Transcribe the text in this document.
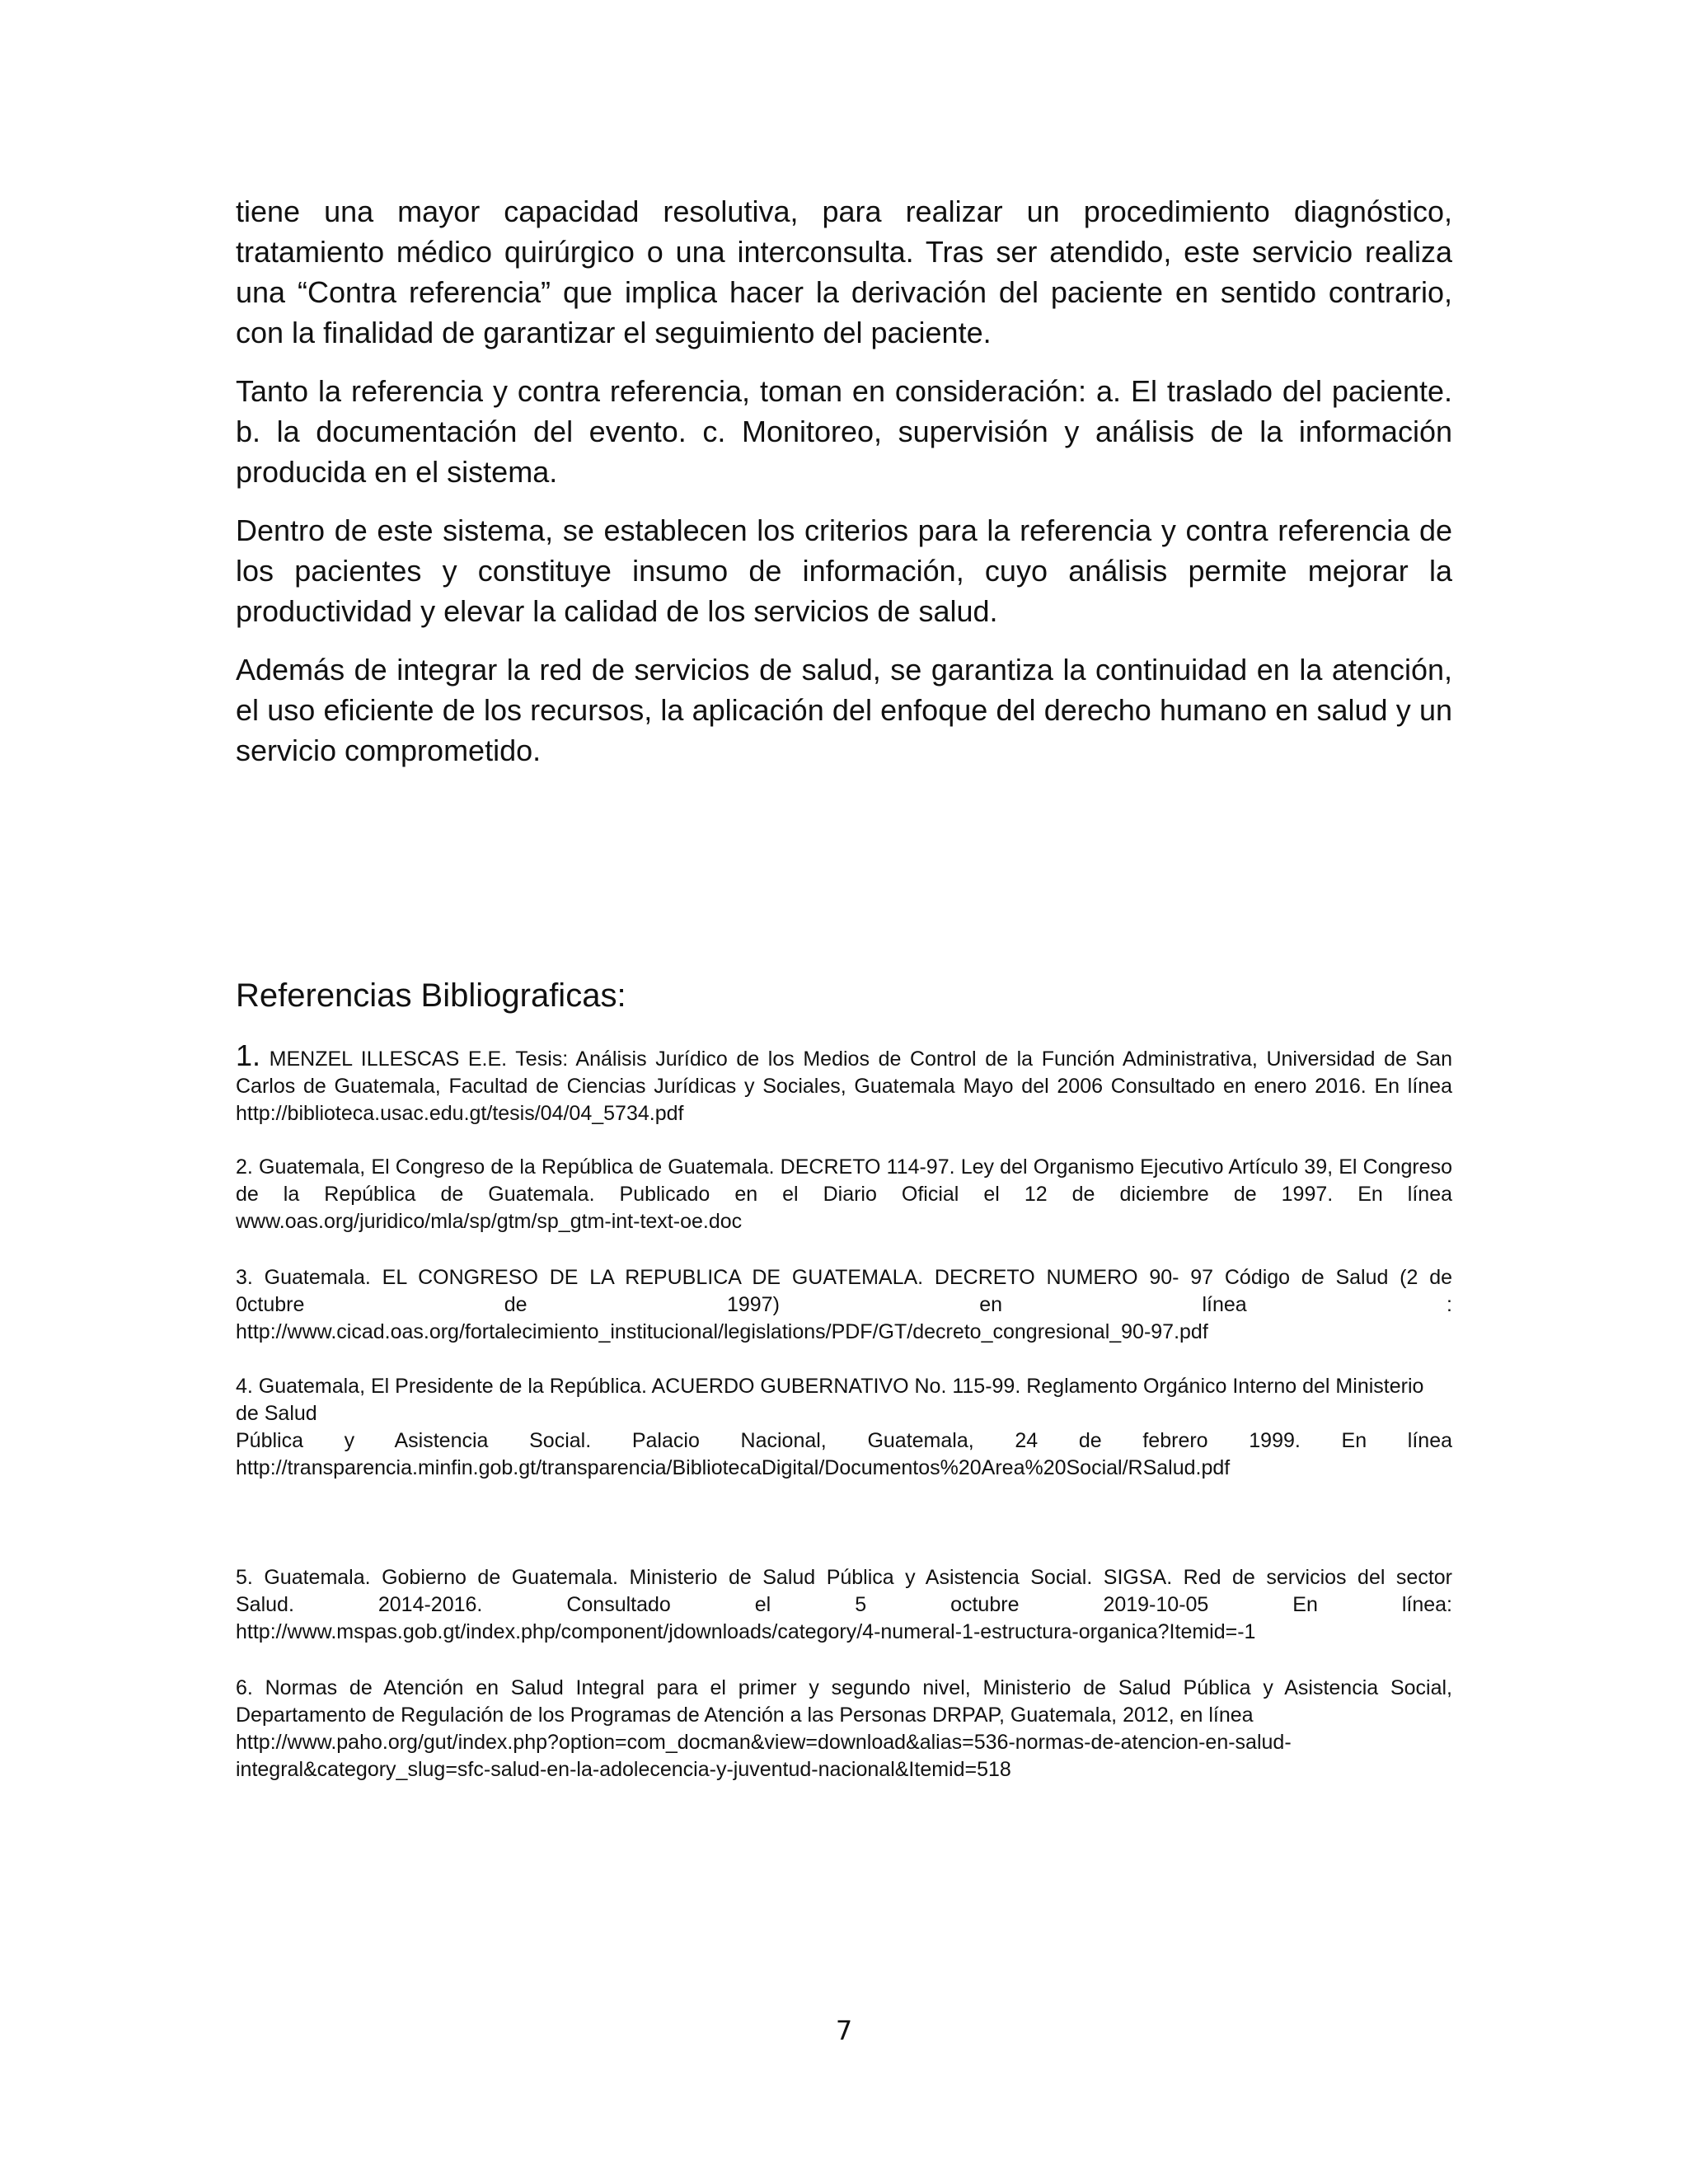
tiene una mayor capacidad resolutiva, para realizar un procedimiento diagnóstico, tratamiento médico quirúrgico o una interconsulta. Tras ser atendido, este servicio realiza una “Contra referencia” que implica hacer la derivación del paciente en sentido contrario, con la finalidad de garantizar el seguimiento del paciente.

Tanto la referencia y contra referencia, toman en consideración: a. El traslado del paciente. b. la documentación del evento. c. Monitoreo, supervisión y análisis de la información producida en el sistema.

Dentro de este sistema, se establecen los criterios para la referencia y contra referencia de los pacientes y constituye insumo de información, cuyo análisis permite mejorar la productividad y elevar la calidad de los servicios de salud.

Además de integrar la red de servicios de salud, se garantiza la continuidad en la atención, el uso eficiente de los recursos, la aplicación del enfoque del derecho humano en salud y un servicio comprometido.

Referencias Bibliograficas:

1. MENZEL ILLESCAS E.E. Tesis: Análisis Jurídico de los Medios de Control de la Función Administrativa, Universidad de San Carlos de Guatemala, Facultad de Ciencias Jurídicas y Sociales, Guatemala Mayo del 2006 Consultado en enero 2016. En línea http://biblioteca.usac.edu.gt/tesis/04/04_5734.pdf

2. Guatemala, El Congreso de la República de Guatemala. DECRETO 114-97. Ley del Organismo Ejecutivo Artículo 39, El Congreso de la República de Guatemala. Publicado en el Diario Oficial el 12 de diciembre de 1997. En línea www.oas.org/juridico/mla/sp/gtm/sp_gtm-int-text-oe.doc

3. Guatemala. EL CONGRESO DE LA REPUBLICA DE GUATEMALA. DECRETO NUMERO 90- 97 Código de Salud (2 de
0ctubre de 1997) en línea :
http://www.cicad.oas.org/fortalecimiento_institucional/legislations/PDF/GT/decreto_congresional_90-97.pdf

4. Guatemala, El Presidente de la República. ACUERDO GUBERNATIVO No. 115-99. Reglamento Orgánico Interno del Ministerio de Salud
Pública y Asistencia Social. Palacio Nacional, Guatemala, 24 de febrero 1999. En línea
http://transparencia.minfin.gob.gt/transparencia/BibliotecaDigital/Documentos%20Area%20Social/RSalud.pdf

5. Guatemala. Gobierno de Guatemala. Ministerio de Salud Pública y Asistencia Social. SIGSA. Red de servicios del sector
Salud. 2014-2016. Consultado el 5 octubre 2019-10-05 En línea:
http://www.mspas.gob.gt/index.php/component/jdownloads/category/4-numeral-1-estructura-organica?Itemid=-1

6. Normas de Atención en Salud Integral para el primer y segundo nivel, Ministerio de Salud Pública y Asistencia Social, Departamento de Regulación de los Programas de Atención a las Personas DRPAP, Guatemala, 2012, en línea
http://www.paho.org/gut/index.php?option=com_docman&view=download&alias=536-normas-de-atencion-en-salud-
integral&category_slug=sfc-salud-en-la-adolecencia-y-juventud-nacional&Itemid=518

7
